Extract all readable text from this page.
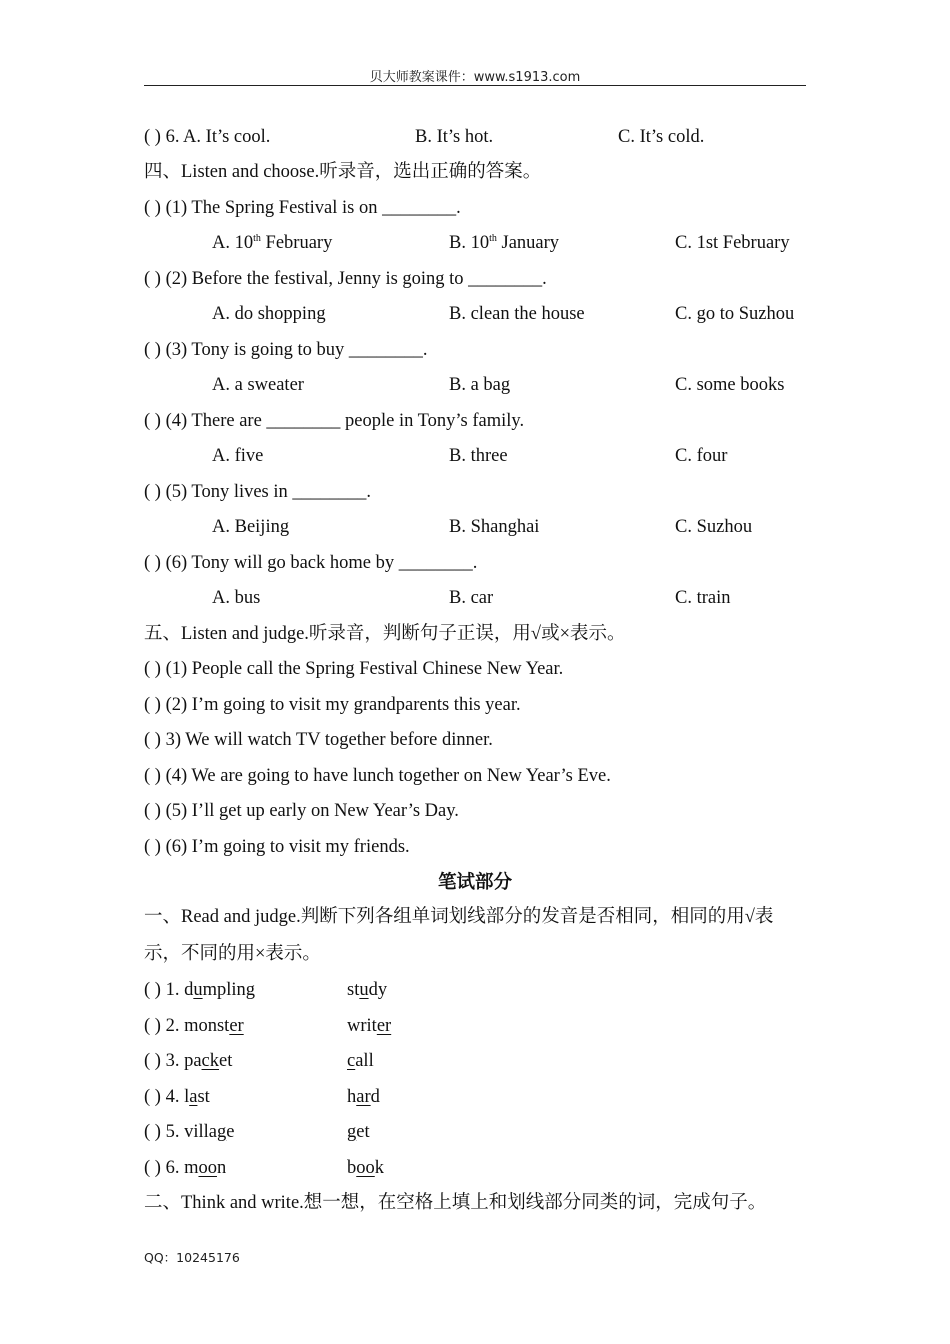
贝大师教案课件：www.s1913.com
( ) 6. A. It’s cool.	B. It’s hot.	C. It’s cold.
四、Listen and choose.听录音，选出正确的答案。
( ) (1) The Spring Festival is on ________.
A. 10th February	B. 10th January	C. 1st February
( ) (2) Before the festival, Jenny is going to ________.
A. do shopping	B. clean the house	C. go to Suzhou
( ) (3) Tony is going to buy ________.
A. a sweater	B. a bag	C. some books
( ) (4) There are ________ people in Tony’s family.
A. five	B. three	C. four
( ) (5) Tony lives in ________.
A. Beijing	B. Shanghai	C. Suzhou
( ) (6) Tony will go back home by ________.
A. bus	B. car	C. train
五、Listen and judge.听录音，判断句子正误，用√或×表示。
( ) (1) People call the Spring Festival Chinese New Year.
( ) (2) I’m going to visit my grandparents this year.
( ) 3) We will watch TV together before dinner.
( ) (4) We are going to have lunch together on New Year’s Eve.
( ) (5) I’ll get up early on New Year’s Day.
( ) (6) I’m going to visit my friends.
笔试部分
一、Read and judge.判断下列各组单词划线部分的发音是否相同，相同的用√表
示，不同的用×表示。
( ) 1. dumpling	study
( ) 2. monster	writer
( ) 3. packet	call
( ) 4. last	hard
( ) 5. village	get
( ) 6. moon	book
二、Think and write.想一想，在空格上填上和划线部分同类的词，完成句子。
QQ：10245176
